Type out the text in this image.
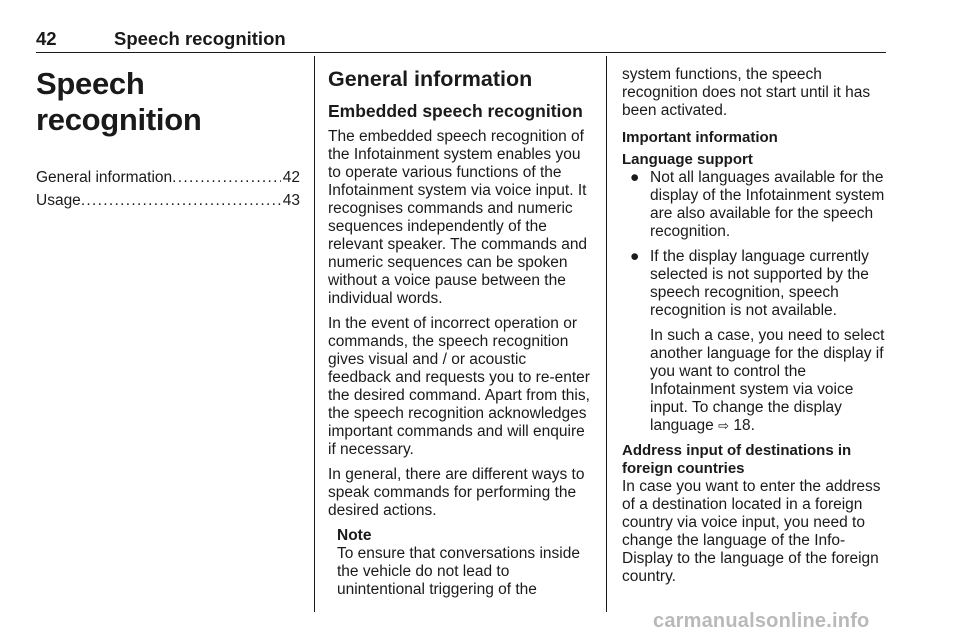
42	Speech recognition
Speech recognition
General information . . .	42
Usage . . .	43
General information
Embedded speech recognition

The embedded speech recognition of the Infotainment system enables you to operate various functions of the Infotainment system via voice input. It recognises commands and numeric sequences independently of the relevant speaker. The commands and numeric sequences can be spoken without a voice pause between the individual words.

In the event of incorrect operation or commands, the speech recognition gives visual and / or acoustic feedback and requests you to re-enter the desired command. Apart from this, the speech recognition acknowledges important commands and will enquire if necessary.

In general, there are different ways to speak commands for performing the desired actions.

Note

To ensure that conversations inside the vehicle do not lead to unintentional triggering of the

system functions, the speech recognition does not start until it has been activated.

Important information
Language support
● Not all languages available for the display of the Infotainment system are also available for the speech recognition.

● If the display language currently selected is not supported by the speech recognition, speech recognition is not available.

In such a case, you need to select another language for the display if you want to control the Infotainment system via voice input. To change the display language ⇨ 18.

Address input of destinations in foreign countries

In case you want to enter the address of a destination located in a foreign country via voice input, you need to change the language of the Info-Display to the language of the foreign country.

carmanualsonline.info
